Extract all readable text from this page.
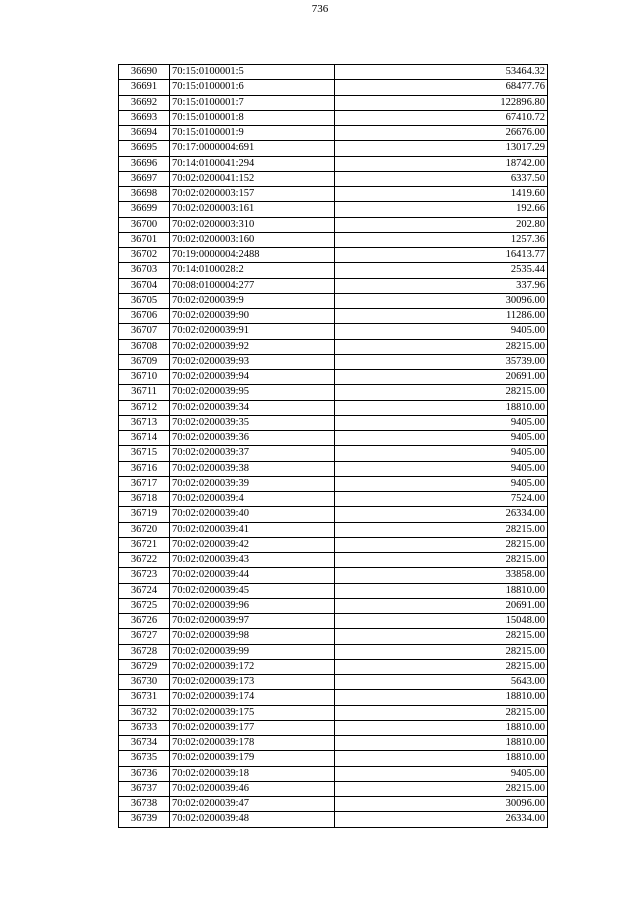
736
36690	70:15:0100001:5	53464.32
36691	70:15:0100001:6	68477.76
36692	70:15:0100001:7	122896.80
36693	70:15:0100001:8	67410.72
36694	70:15:0100001:9	26676.00
36695	70:17:0000004:691	13017.29
36696	70:14:0100041:294	18742.00
36697	70:02:0200041:152	6337.50
36698	70:02:0200003:157	1419.60
36699	70:02:0200003:161	192.66
36700	70:02:0200003:310	202.80
36701	70:02:0200003:160	1257.36
36702	70:19:0000004:2488	16413.77
36703	70:14:0100028:2	2535.44
36704	70:08:0100004:277	337.96
36705	70:02:0200039:9	30096.00
36706	70:02:0200039:90	11286.00
36707	70:02:0200039:91	9405.00
36708	70:02:0200039:92	28215.00
36709	70:02:0200039:93	35739.00
36710	70:02:0200039:94	20691.00
36711	70:02:0200039:95	28215.00
36712	70:02:0200039:34	18810.00
36713	70:02:0200039:35	9405.00
36714	70:02:0200039:36	9405.00
36715	70:02:0200039:37	9405.00
36716	70:02:0200039:38	9405.00
36717	70:02:0200039:39	9405.00
36718	70:02:0200039:4	7524.00
36719	70:02:0200039:40	26334.00
36720	70:02:0200039:41	28215.00
36721	70:02:0200039:42	28215.00
36722	70:02:0200039:43	28215.00
36723	70:02:0200039:44	33858.00
36724	70:02:0200039:45	18810.00
36725	70:02:0200039:96	20691.00
36726	70:02:0200039:97	15048.00
36727	70:02:0200039:98	28215.00
36728	70:02:0200039:99	28215.00
36729	70:02:0200039:172	28215.00
36730	70:02:0200039:173	5643.00
36731	70:02:0200039:174	18810.00
36732	70:02:0200039:175	28215.00
36733	70:02:0200039:177	18810.00
36734	70:02:0200039:178	18810.00
36735	70:02:0200039:179	18810.00
36736	70:02:0200039:18	9405.00
36737	70:02:0200039:46	28215.00
36738	70:02:0200039:47	30096.00
36739	70:02:0200039:48	26334.00
